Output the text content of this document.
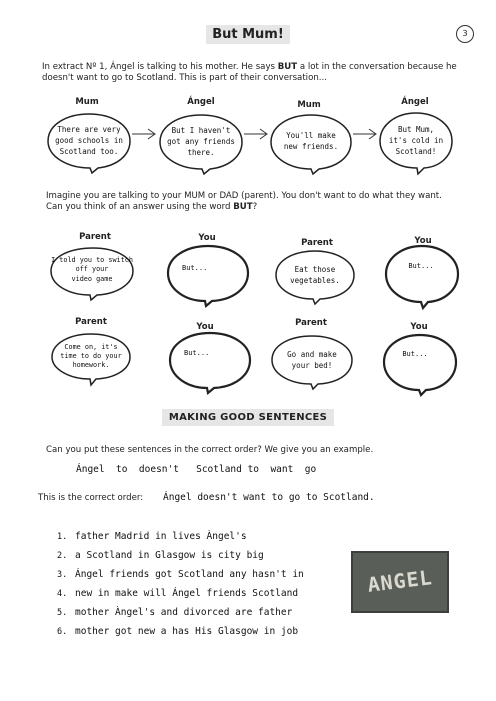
But Mum!	3
In extract Nº 1, Ángel is talking to his mother. He says BUT a lot in the conversation because he
doesn't want to go to Scotland. This is part of their conversation...
Mum	Ángel	Mum	Ángel
There are very
good schools in
Scotland too.
But I haven't
got any friends
there.
You'll make
new friends.
But Mum,
it's cold in
Scotland!
Imagine you are talking to your MUM or DAD (parent). You don't want to do what they want.
Can you think of an answer using the word BUT?
Parent	You	Parent	You
I told you to switch
off your
video game
But...	Eat those
vegetables.
But...
Parent	You	Parent	You
Come on, it's
time to do your
homework.
But...	Go and make
your bed!
But...
MAKING GOOD SENTENCES
Can you put these sentences in the correct order? We give you an example.
Ángel  to  doesn't   Scotland to  want  go
This is the correct order: Ángel doesn't want to go to Scotland.
1. father Madrid in lives Àngel's
2. a Scotland in Glasgow is city big
3. Ángel friends got Scotland any hasn't in
4. new in make will Ángel friends Scotland
5. mother Àngel's and divorced are father
6. mother got new a has His Glasgow in job
ANGEL
